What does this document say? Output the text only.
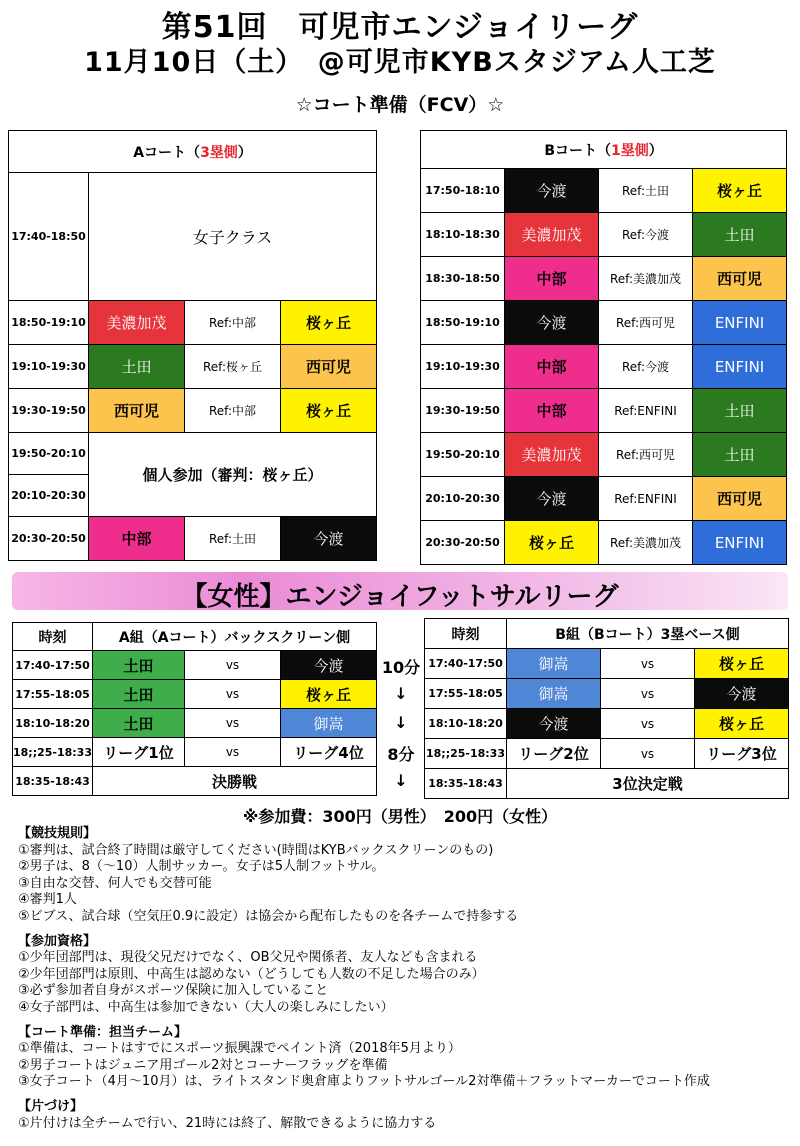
第51回　可児市エンジョイリーグ
11月10日（土）　@可児市KYBスタジアム人工芝
☆コート準備（FCV）☆
Aコート（3塁側）			
17:40-18:50	女子クラス		
18:50-19:10	美濃加茂	Ref:中部	桜ヶ丘
19:10-19:30	土田	Ref:桜ヶ丘	西可児
19:30-19:50	西可児	Ref:中部	桜ヶ丘
19:50-20:10	個人参加（審判：桜ヶ丘）		
20:10-20:30			
20:30-20:50	中部	Ref:土田	今渡
Bコート（1塁側）			
17:50-18:10	今渡	Ref:土田	桜ヶ丘
18:10-18:30	美濃加茂	Ref:今渡	土田
18:30-18:50	中部	Ref:美濃加茂	西可児
18:50-19:10	今渡	Ref:西可児	ENFINI
19:10-19:30	中部	Ref:今渡	ENFINI
19:30-19:50	中部	Ref:ENFINI	土田
19:50-20:10	美濃加茂	Ref:西可児	土田
20:10-20:30	今渡	Ref:ENFINI	西可児
20:30-20:50	桜ヶ丘	Ref:美濃加茂	ENFINI
【女性】エンジョイフットサルリーグ
時刻	A組（Aコート）バックスクリーン側		
17:40-17:50	土田	vs	今渡
17:55-18:05	土田	vs	桜ヶ丘
18:10-18:20	土田	vs	御嵩
18;;25-18:33	リーグ1位	vs	リーグ4位
18:35-18:43	決勝戦		
10分
↓
↓
8分
↓
時刻	B組（Bコート）3塁ベース側		
17:40-17:50	御嵩	vs	桜ヶ丘
17:55-18:05	御嵩	vs	今渡
18:10-18:20	今渡	vs	桜ヶ丘
18;;25-18:33	リーグ2位	vs	リーグ3位
18:35-18:43	3位決定戦		
※参加費：300円（男性）　200円（女性）
【競技規則】
①審判は、試合終了時間は厳守してください(時間はKYBバックスクリーンのもの)
②男子は、8（～10）人制サッカー。女子は5人制フットサル。
③自由な交替、何人でも交替可能
④審判1人
⑤ビブス、試合球（空気圧0.9に設定）は協会から配布したものを各チームで持参する
【参加資格】
①少年団部門は、現役父兄だけでなく、OB父兄や関係者、友人なども含まれる
②少年団部門は原則、中高生は認めない（どうしても人数の不足した場合のみ）
③必ず参加者自身がスポーツ保険に加入していること
④女子部門は、中高生は参加できない（大人の楽しみにしたい）
【コート準備：担当チーム】
①準備は、コートはすでにスポーツ振興課でペイント済（2018年5月より）
②男子コートはジュニア用ゴール2対とコーナーフラッグを準備
③女子コート（4月～10月）は、ライトスタンド奥倉庫よりフットサルゴール2対準備＋フラットマーカーでコート作成
【片づけ】
①片付けは全チームで行い、21時には終了、解散できるように協力する
